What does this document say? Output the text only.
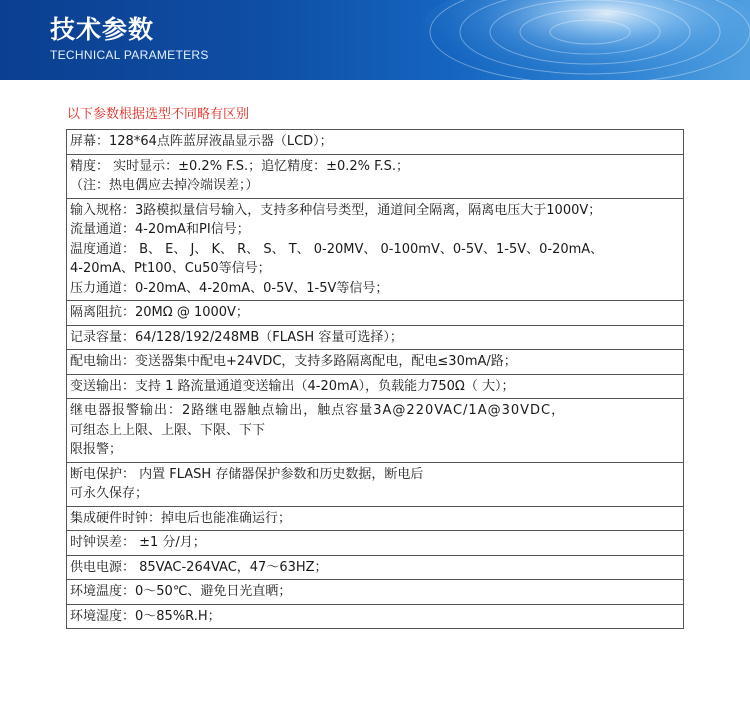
技术参数
TECHNICAL PARAMETERS
以下参数根据选型不同略有区别
屏幕：128*64点阵蓝屏液晶显示器（LCD）；

精度： 实时显示：±0.2% F.S.；追忆精度：±0.2% F.S.；
（注：热电偶应去掉冷端误差；）

输入规格：3路模拟量信号输入，支持多种信号类型，通道间全隔离，隔离电压大于1000V；
流量通道：4-20mA和PI信号；
温度通道： B、 E、 J、 K、 R、 S、 T、 0-20MV、 0-100mV、0-5V、1-5V、0-20mA、
4-20mA、Pt100、Cu50等信号；
压力通道：0-20mA、4-20mA、0-5V、1-5V等信号；

隔离阻抗：20MΩ @ 1000V；

记录容量：64/128/192/248MB（FLASH 容量可选择）；

配电输出：变送器集中配电+24VDC，支持多路隔离配电，配电≤30mA/路；

变送输出：支持 1 路流量通道变送输出（4-20mA），负载能力750Ω（ 大）；

继电器报警输出：2路继电器触点输出，触点容量3A@220VAC/1A@30VDC，
可组态上上限、上限、下限、下下
限报警；

断电保护： 内置 FLASH 存储器保护参数和历史数据，断电后
可永久保存；

集成硬件时钟：掉电后也能准确运行；

时钟误差： ±1 分/月；

供电电源： 85VAC-264VAC，47～63HZ；

环境温度：0～50℃、避免日光直晒；

环境湿度：0～85%R.H；
